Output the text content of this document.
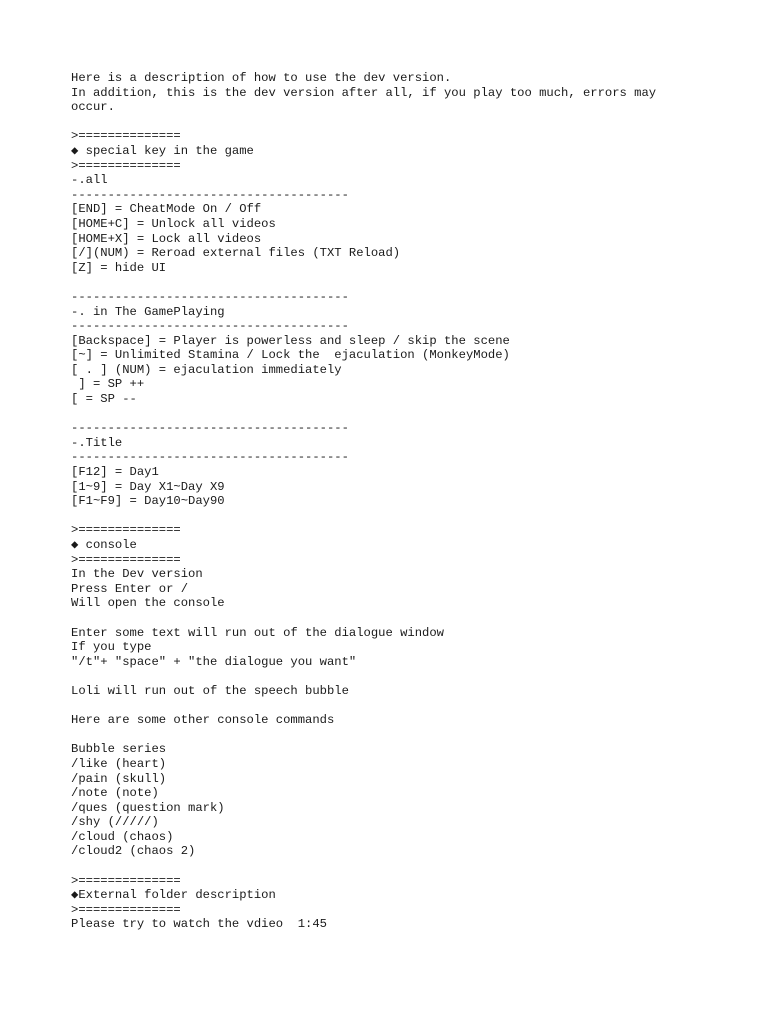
Here is a description of how to use the dev version.
In addition, this is the dev version after all, if you play too much, errors may
occur.
>==============
◆ special key in the game
>==============
-.all
--------------------------------------
[END] = CheatMode On / Off
[HOME+C] = Unlock all videos
[HOME+X] = Lock all videos
[/](NUM) = Reroad external files (TXT Reload)
[Z] = hide UI
--------------------------------------
-. in The GamePlaying
--------------------------------------
[Backspace] = Player is powerless and sleep / skip the scene
[~] = Unlimited Stamina / Lock the  ejaculation (MonkeyMode)
[ . ] (NUM) = ejaculation immediately
] = SP ++
[ = SP --
--------------------------------------
-.Title
--------------------------------------
[F12] = Day1
[1~9] = Day X1~Day X9
[F1~F9] = Day10~Day90
>==============
◆ console
>==============
In the Dev version
Press Enter or /
Will open the console
Enter some text will run out of the dialogue window
If you type
"/t"+ "space" + "the dialogue you want"
Loli will run out of the speech bubble
Here are some other console commands
Bubble series
/like (heart)
/pain (skull)
/note (note)
/ques (question mark)
/shy (/////)
/cloud (chaos)
/cloud2 (chaos 2)
>==============
◆External folder description
>==============
Please try to watch the vdieo  1:45
